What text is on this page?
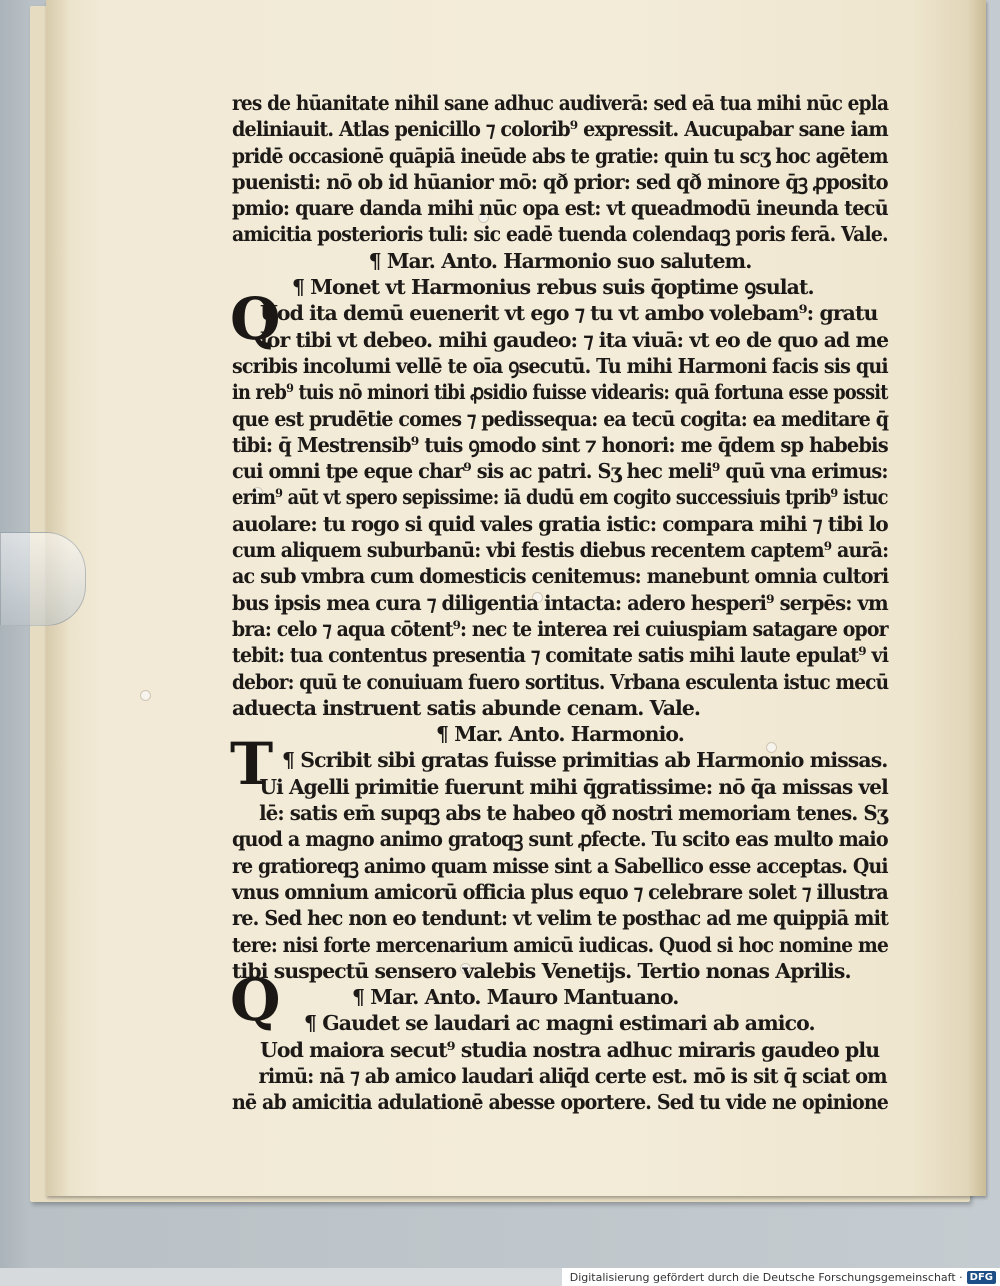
res de hūanitate nihil sane adhuc audiverā: sed eā tua mihi nūc epla
deliniauit. Atlas penicillo ⁊ colorib⁹ expressit. Aucupabar sane iam
pridē occasionē quāpiā ineūde abs te gratie: quin tu scʒ hoc agētem
puenisti: nō ob id hūanior mō: qð prior: sed qð minore q̄ꝫ ꝓposito
pmio: quare danda mihi nūc opa est: vt queadmodū ineunda tecū
amicitia posterioris tuli: sic eadē tuenda colendaqꝫ poris ferā. Vale.
¶ Mar. Anto. Harmonio suo salutem.
¶ Monet vt Harmonius rebus suis q̄optime ꝯsulat.
Uod ita demū euenerit vt ego ⁊ tu vt ambo volebam⁹: gratu
lor tibi vt debeo. mihi gaudeo: ⁊ ita viuā: vt eo de quo ad me
scribis incolumi vellē te oīa ꝯsecutū. Tu mihi Harmoni facis sis qui
in reb⁹ tuis nō minori tibi ꝓsidio fuisse videaris: quā fortuna esse possit
que est prudētie comes ⁊ pedissequa: ea tecū cogita: ea meditare q̄
tibi: q̄ Mestrensib⁹ tuis ꝯmodo sint ⁊ honori: me q̄dem sp habebis
cui omni tpe eque char⁹ sis ac patri. Sʒ hec meli⁹ quū vna erimus:
erim⁹ aūt vt spero sepissime: iā dudū em cogito successiuis tprib⁹ istuc
auolare: tu rogo si quid vales gratia istic: compara mihi ⁊ tibi lo
cum aliquem suburbanū: vbi festis diebus recentem captem⁹ aurā:
ac sub vmbra cum domesticis cenitemus: manebunt omnia cultori
bus ipsis mea cura ⁊ diligentia intacta: adero hesperi⁹ serpēs: vm
bra: celo ⁊ aqua cōtent⁹: nec te interea rei cuiuspiam satagare opor
tebit: tua contentus presentia ⁊ comitate satis mihi laute epulat⁹ vi
debor: quū te conuiuam fuero sortitus. Vrbana esculenta istuc mecū
aduecta instruent satis abunde cenam. Vale.
¶ Mar. Anto. Harmonio.
¶ Scribit sibi gratas fuisse primitias ab Harmonio missas.
Ui Agelli primitie fuerunt mihi q̄gratissime: nō q̄a missas vel
lē: satis em̄ supqꝫ abs te habeo qð nostri memoriam tenes. Sʒ
quod a magno animo gratoqꝫ sunt ꝓfecte. Tu scito eas multo maio
re gratioreqꝫ animo quam misse sint a Sabellico esse acceptas. Qui
vnus omnium amicorū officia plus equo ⁊ celebrare solet ⁊ illustra
re. Sed hec non eo tendunt: vt velim te posthac ad me quippiā mit
tere: nisi forte mercenarium amicū iudicas. Quod si hoc nomine me
tibi suspectū sensero valebis Venetijs. Tertio nonas Aprilis.
¶ Mar. Anto. Mauro Mantuano.
¶ Gaudet se laudari ac magni estimari ab amico.
Uod maiora secut⁹ studia nostra adhuc miraris gaudeo plu
rimū: nā ⁊ ab amico laudari aliq̄d certe est. mō is sit q̄ sciat om
nē ab amicitia adulationē abesse oportere. Sed tu vide ne opinione
Q
T
Q
Digitalisierung gefördert durch die Deutsche Forschungsgemeinschaft · DFG
